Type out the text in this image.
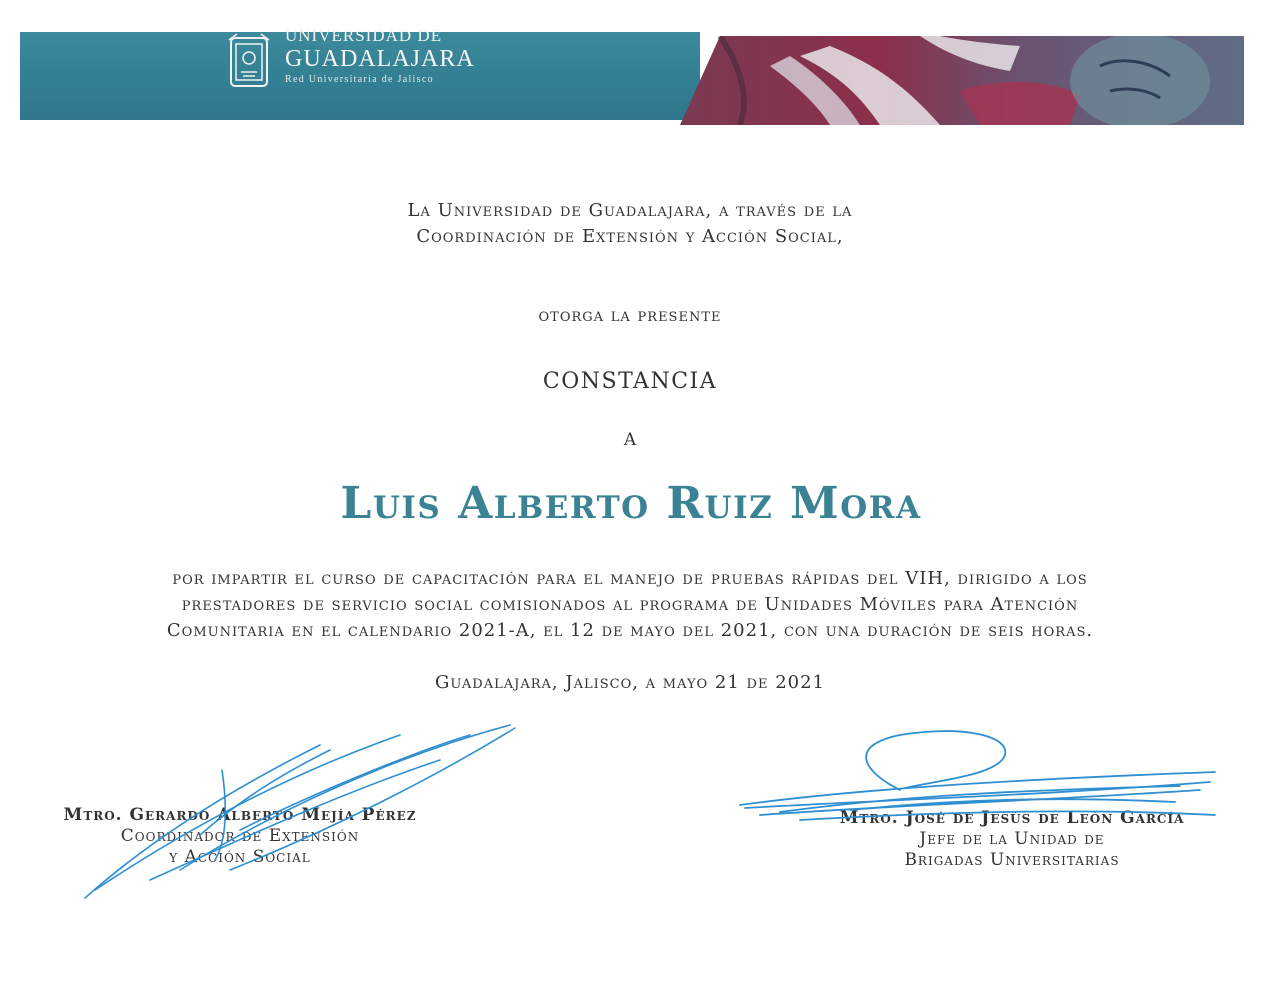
UNIVERSIDAD DE
GUADALAJARA
Red Universitaria de Jalisco
La Universidad de Guadalajara, a través de la
Coordinación de Extensión y Acción Social,
otorga la presente
CONSTANCIA
A
Luis Alberto Ruiz Mora
por impartir el curso de capacitación para el manejo de pruebas rápidas del VIH, dirigido a los
prestadores de servicio social comisionados al programa de Unidades Móviles para Atención
Comunitaria en el calendario 2021-A, el 12 de mayo del 2021, con una duración de seis horas.
Guadalajara, Jalisco, a mayo 21 de 2021
Mtro. Gerardo Alberto Mejía Pérez
Coordinador de Extensión
y Acción Social
Mtro. José de Jesús de León García
Jefe de la Unidad de
Brigadas Universitarias
